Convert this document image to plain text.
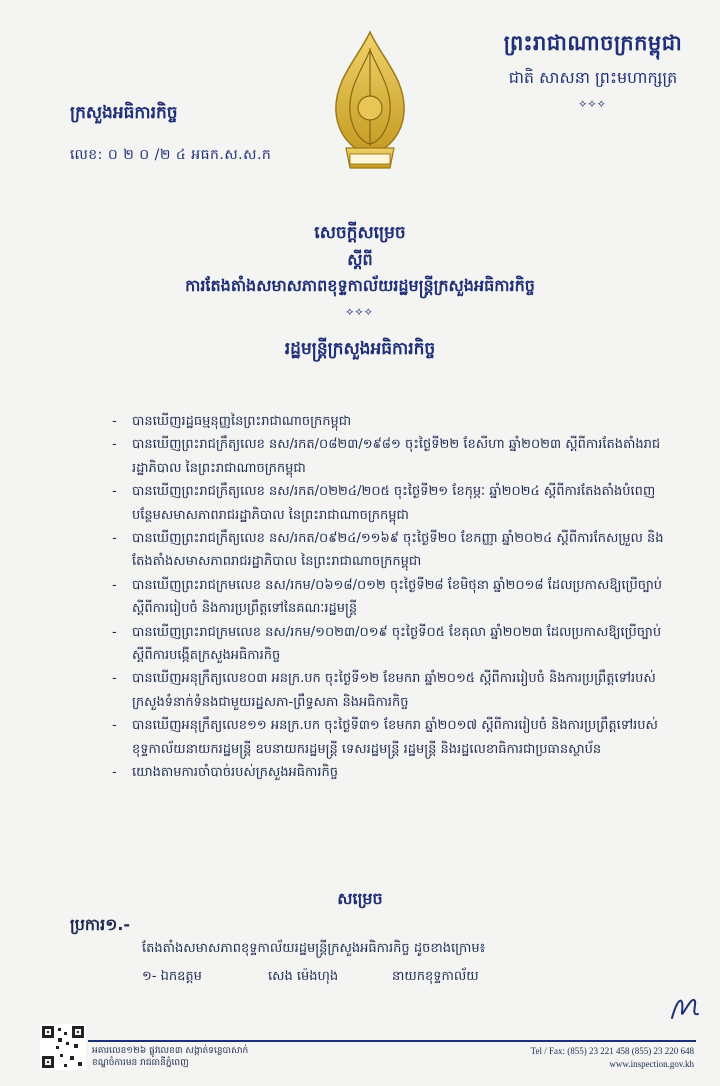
ព្រះរាជាណាចក្រកម្ពុជា
ជាតិ សាសនា ព្រះមហាក្សត្រ
⟡⟡⟡
ក្រសួងអធិការកិច្ច
លេខ: ០ ២ ០ /២ ៤ អធក.ស.ស.ក
សេចក្តីសម្រេច
ស្តីពី
ការតែងតាំងសមាសភាពខុទ្ទកាល័យរដ្ឋមន្ត្រីក្រសួងអធិការកិច្ច
⟡⟡⟡
រដ្ឋមន្ត្រីក្រសួងអធិការកិច្ច
- បានឃើញរដ្ឋធម្មនុញ្ញនៃព្រះរាជាណាចក្រកម្ពុជា
- បានឃើញព្រះរាជក្រឹត្យលេខ នស/រកត/០៨២៣/១៩៨១ ចុះថ្ងៃទី២២ ខែសីហា ឆ្នាំ២០២៣ ស្តីពីការតែងតាំងរាជរដ្ឋាភិបាល នៃព្រះរាជាណាចក្រកម្ពុជា
- បានឃើញព្រះរាជក្រឹត្យលេខ នស/រកត/០២២៤/២០៥ ចុះថ្ងៃទី២១ ខែកុម្ភៈ ឆ្នាំ២០២៤ ស្តីពីការតែងតាំងបំពេញបន្ថែមសមាសភាពរាជរដ្ឋាភិបាល នៃព្រះរាជាណាចក្រកម្ពុជា
- បានឃើញព្រះរាជក្រឹត្យលេខ នស/រកត/០៩២៤/១១៦៩ ចុះថ្ងៃទី២០ ខែកញ្ញា ឆ្នាំ២០២៤ ស្តីពីការកែសម្រួល និងតែងតាំងសមាសភាពរាជរដ្ឋាភិបាល នៃព្រះរាជាណាចក្រកម្ពុជា
- បានឃើញព្រះរាជក្រមលេខ នស/រកម/០៦១៨/០១២ ចុះថ្ងៃទី២៨ ខែមិថុនា ឆ្នាំ២០១៨ ដែលប្រកាសឱ្យប្រើច្បាប់ស្តីពីការរៀបចំ និងការប្រព្រឹត្តទៅនៃគណៈរដ្ឋមន្ត្រី
- បានឃើញព្រះរាជក្រមលេខ នស/រកម/១០២៣/០១៩ ចុះថ្ងៃទី០៥ ខែតុលា ឆ្នាំ២០២៣ ដែលប្រកាសឱ្យប្រើច្បាប់ស្តីពីការបង្កើតក្រសួងអធិការកិច្ច
- បានឃើញអនុក្រឹត្យលេខ០៣ អនក្រ.បក ចុះថ្ងៃទី១២ ខែមករា ឆ្នាំ២០១៥ ស្តីពីការរៀបចំ និងការប្រព្រឹត្តទៅរបស់ក្រសួងទំនាក់ទំនងជាមួយរដ្ឋសភា-ព្រឹទ្ធសភា និងអធិការកិច្ច
- បានឃើញអនុក្រឹត្យលេខ១១ អនក្រ.បក ចុះថ្ងៃទី៣១ ខែមករា ឆ្នាំ២០១៧ ស្តីពីការរៀបចំ និងការប្រព្រឹត្តទៅរបស់ខុទ្ទកាល័យនាយករដ្ឋមន្ត្រី ឧបនាយករដ្ឋមន្ត្រី ទេសរដ្ឋមន្ត្រី រដ្ឋមន្ត្រី និងរដ្ឋលេខាធិការជាប្រធានស្ថាប័ន
- យោងតាមការចាំបាច់របស់ក្រសួងអធិការកិច្ច
សម្រេច
ប្រការ១.-
តែងតាំងសមាសភាពខុទ្ទកាល័យរដ្ឋមន្ត្រីក្រសួងអធិការកិច្ច ដូចខាងក្រោម៖
១- ឯកឧត្តម	សេង ម៉េងហុង	នាយកខុទ្ទកាល័យ
អគារលេខ១២៦ ផ្លូវលេខ៣ សង្កាត់ទន្លេបាសាក់
ខណ្ឌចំការមន រាជធានីភ្នំពេញ
Tel / Fax: (855) 23 221 458 (855) 23 220 648
www.inspection.gov.kh
